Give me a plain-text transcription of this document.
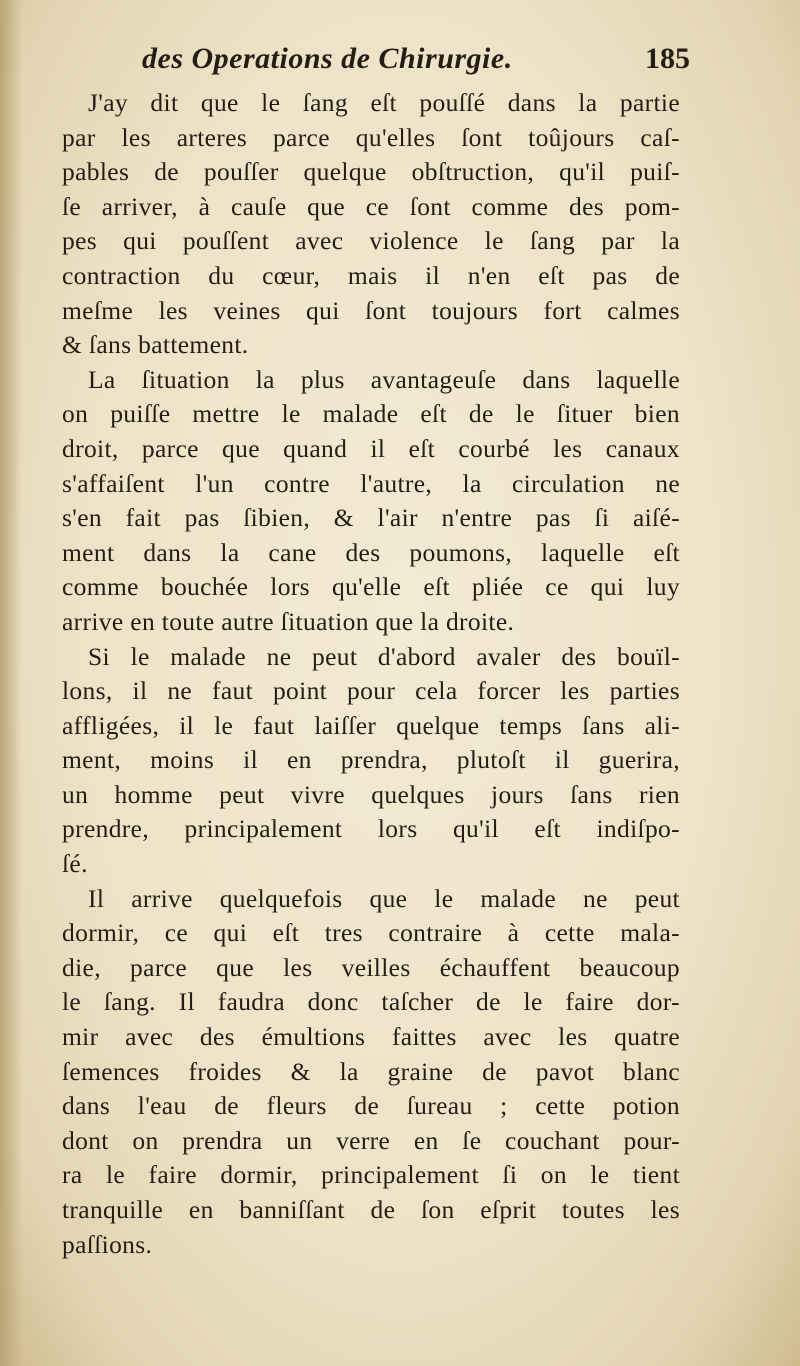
des Operations de Chirurgie.	185

J'ay dit que le ſang eſt pouſſé dans la partie
par les arteres parce qu'elles ſont toûjours caſ-
pables de pouſſer quelque obſtruction, qu'il puiſ-
ſe arriver, à cauſe que ce ſont comme des pom-
pes qui pouſſent avec violence le ſang par la
contraction du cœur, mais il n'en eſt pas de
meſme les veines qui ſont toujours fort calmes
& ſans battement.

La ſituation la plus avantageuſe dans laquelle
on puiſſe mettre le malade eſt de le ſituer bien
droit, parce que quand il eſt courbé les canaux
s'affaiſent l'un contre l'autre, la circulation ne
s'en fait pas ſibien, & l'air n'entre pas ſi aiſé-
ment dans la cane des poumons, laquelle eſt
comme bouchée lors qu'elle eſt pliée ce qui luy
arrive en toute autre ſituation que la droite.

Si le malade ne peut d'abord avaler des bouïl-
lons, il ne faut point pour cela forcer les parties
affligées, il le faut laiſſer quelque temps ſans ali-
ment, moins il en prendra, plutoſt il guerira,
un homme peut vivre quelques jours ſans rien
prendre, principalement lors qu'il eſt indiſpo-
ſé.

Il arrive quelquefois que le malade ne peut
dormir, ce qui eſt tres contraire à cette mala-
die, parce que les veilles échauffent beaucoup
le ſang. Il faudra donc taſcher de le faire dor-
mir avec des émultions faittes avec les quatre
ſemences froides & la graine de pavot blanc
dans l'eau de fleurs de ſureau ; cette potion
dont on prendra un verre en ſe couchant pour-
ra le faire dormir, principalement ſi on le tient
tranquille en banniſſant de ſon eſprit toutes les
paſſions.
